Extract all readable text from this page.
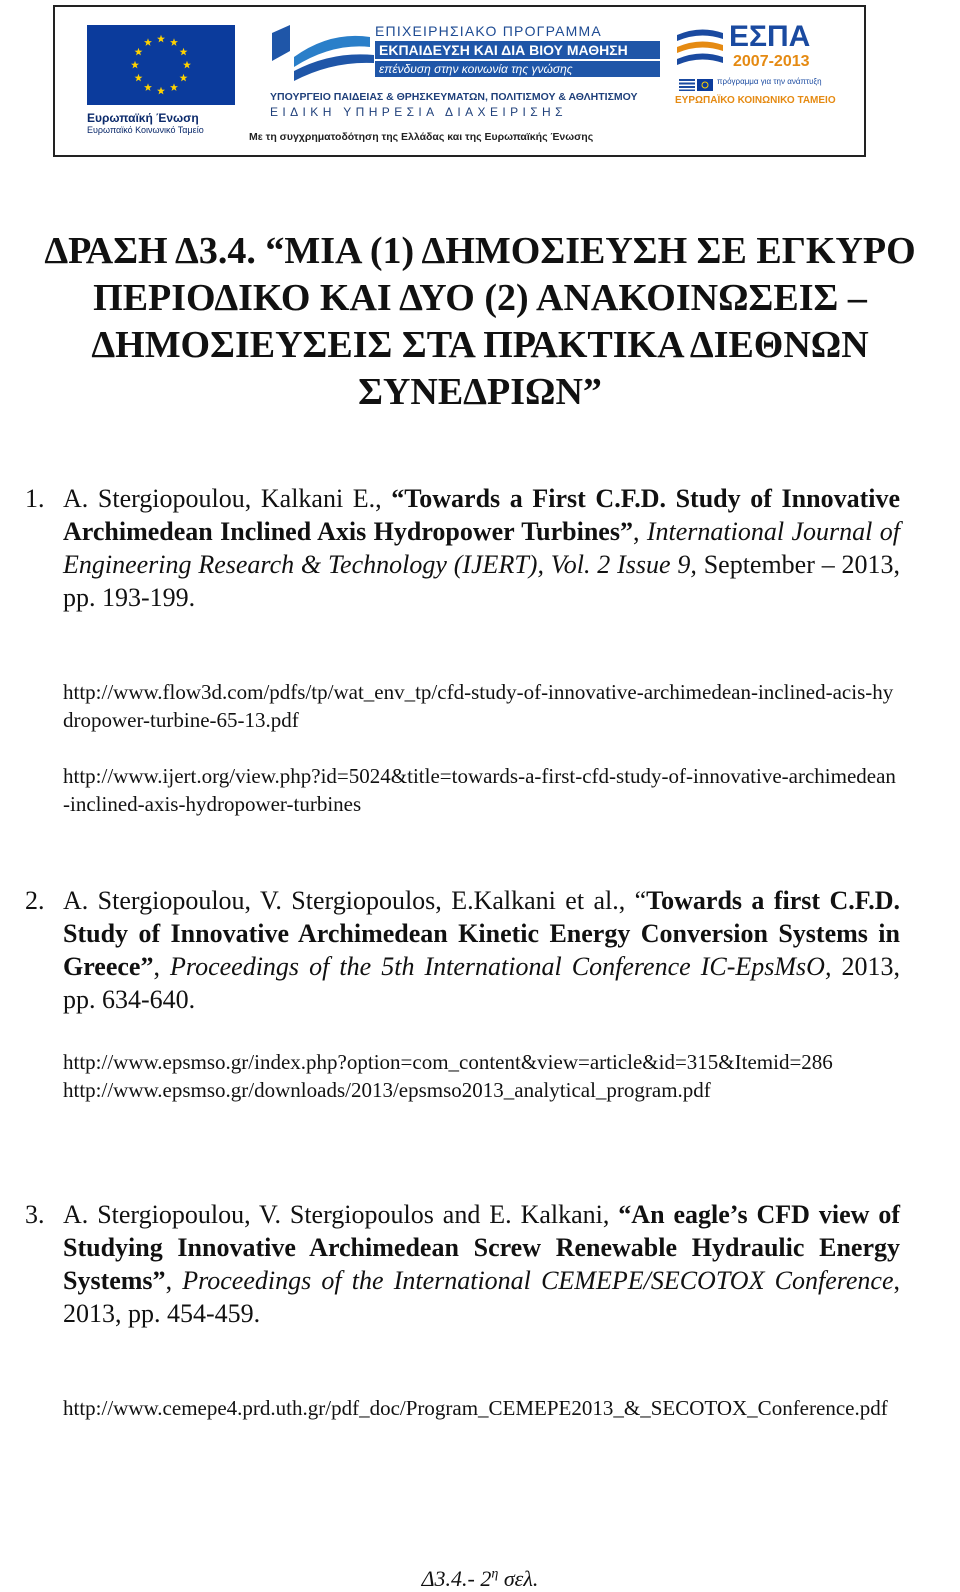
Ευρωπαϊκή Ένωση
Ευρωπαϊκό Κοινωνικό Ταμείο
ΕΠΙΧΕΙΡΗΣΙΑΚΟ ΠΡΟΓΡΑΜΜΑ
ΕΚΠΑΙΔΕΥΣΗ ΚΑΙ ΔΙΑ ΒΙΟΥ ΜΑΘΗΣΗ
επένδυση στην κοινωνία της γνώσης
ΥΠΟΥΡΓΕΙΟ ΠΑΙΔΕΙΑΣ & ΘΡΗΣΚΕΥΜΑΤΩΝ, ΠΟΛΙΤΙΣΜΟΥ & ΑΘΛΗΤΙΣΜΟΥ
ΕΙΔΙΚΗ ΥΠΗΡΕΣΙΑ ΔΙΑΧΕΙΡΙΣΗΣ
Με τη συγχρηματοδότηση της Ελλάδας και της Ευρωπαϊκής Ένωσης
ΕΣΠΑ
2007-2013
πρόγραμμα για την ανάπτυξη
ΕΥΡΩΠΑΪΚΟ ΚΟΙΝΩΝΙΚΟ ΤΑΜΕΙΟ
ΔΡΑΣΗ Δ3.4. “ΜΙΑ (1) ΔΗΜΟΣΙΕΥΣΗ ΣΕ ΕΓΚΥΡΟ
ΠΕΡΙΟΔΙΚΟ ΚΑΙ ΔΥΟ (2) ΑΝΑΚΟΙΝΩΣΕΙΣ –
ΔΗΜΟΣΙΕΥΣΕΙΣ ΣΤΑ ΠΡΑΚΤΙΚΑ ΔΙΕΘΝΩΝ
ΣΥΝΕΔΡΙΩΝ”
1. A. Stergiopoulou, Kalkani E., “Towards a First C.F.D. Study of Innovative Archimedean Inclined Axis Hydropower Turbines”, International Journal of Engineering Research & Technology (IJERT), Vol. 2 Issue 9, September – 2013, pp. 193-199.
http://www.flow3d.com/pdfs/tp/wat_env_tp/cfd-study-of-innovative-archimedean-inclined-acis-hydropower-turbine-65-13.pdf
http://www.ijert.org/view.php?id=5024&title=towards-a-first-cfd-study-of-innovative-archimedean-inclined-axis-hydropower-turbines
2. A. Stergiopoulou, V. Stergiopoulos, E.Kalkani et al., “Towards a first C.F.D. Study of Innovative Archimedean Kinetic Energy Conversion Systems in Greece”, Proceedings of the 5th International Conference IC-EpsMsO, 2013, pp. 634-640.
http://www.epsmso.gr/index.php?option=com_content&view=article&id=315&Itemid=286
http://www.epsmso.gr/downloads/2013/epsmso2013_analytical_program.pdf
3. A. Stergiopoulou, V. Stergiopoulos and E. Kalkani, “An eagle’s CFD view of Studying Innovative Archimedean Screw Renewable Hydraulic Energy Systems”, Proceedings of the International CEMEPE/SECOTOX Conference, 2013, pp. 454-459.
http://www.cemepe4.prd.uth.gr/pdf_doc/Program_CEMEPE2013_&_SECOTOX_Conference.pdf
Δ3.4.- $2^\eta$ σελ.
